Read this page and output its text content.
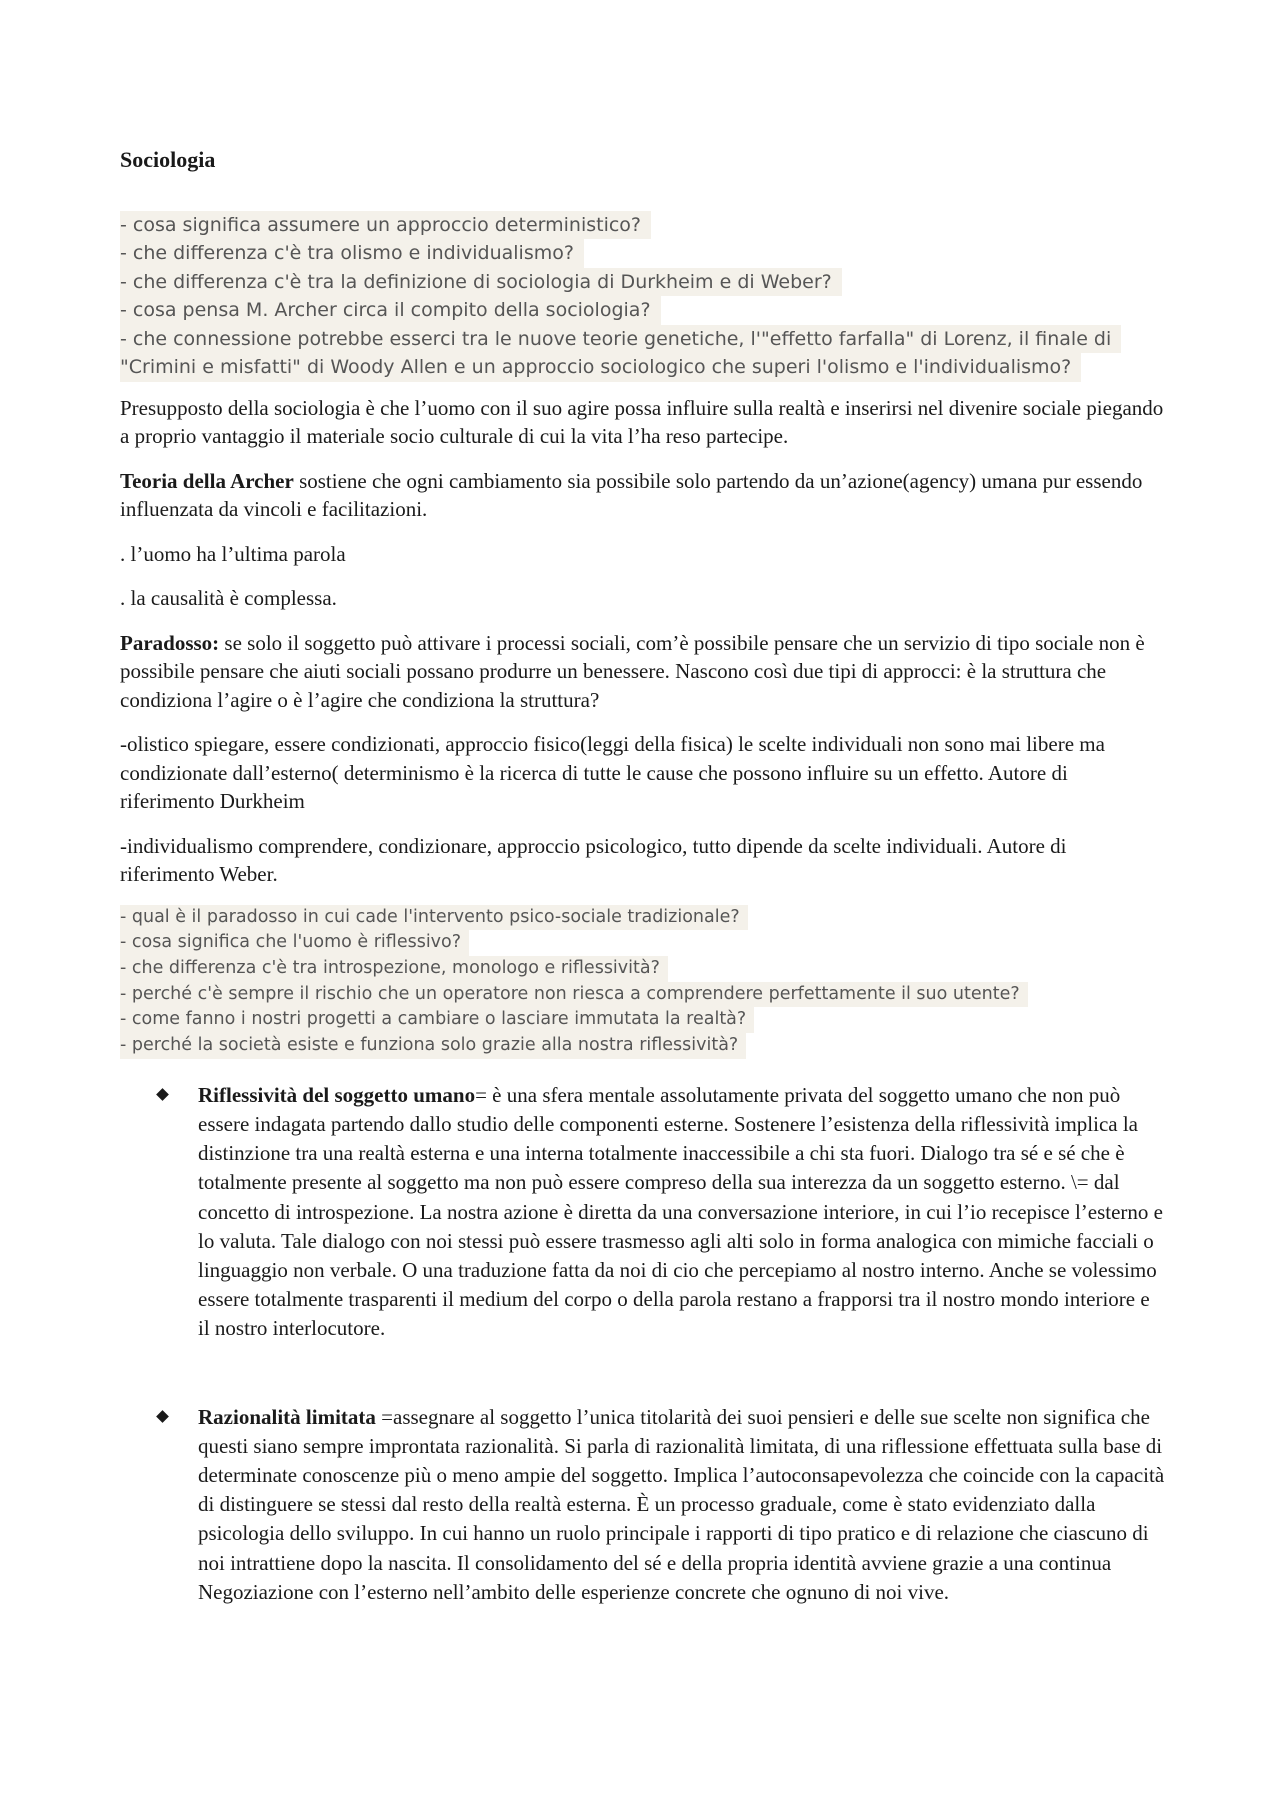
Sociologia
- cosa significa assumere un approccio deterministico?
- che differenza c'è tra olismo e individualismo?
- che differenza c'è tra la definizione di sociologia di Durkheim e di Weber?
- cosa pensa M. Archer circa il compito della sociologia?
- che connessione potrebbe esserci tra le nuove teorie genetiche, l'"effetto farfalla" di Lorenz, il finale di
"Crimini e misfatti" di Woody Allen e un approccio sociologico che superi l'olismo e l'individualismo?

Presupposto della sociologia è che l’uomo con il suo agire possa influire sulla realtà e inserirsi nel divenire sociale piegando a proprio vantaggio il materiale socio culturale di cui la vita l’ha reso partecipe.

Teoria della Archer sostiene che ogni cambiamento sia possibile solo partendo da un’azione(agency) umana pur essendo influenzata da vincoli e facilitazioni.

. l’uomo ha l’ultima parola

. la causalità è complessa.

Paradosso: se solo il soggetto può attivare i processi sociali, com’è possibile pensare che un servizio di tipo sociale non è possibile pensare che aiuti sociali possano produrre un benessere. Nascono così due tipi di approcci: è la struttura che condiziona l’agire o è l’agire che condiziona la struttura?

-olistico spiegare, essere condizionati, approccio fisico(leggi della fisica) le scelte individuali non sono mai libere ma condizionate dall’esterno( determinismo è la ricerca di tutte le cause che possono influire su un effetto. Autore di riferimento Durkheim

-individualismo comprendere, condizionare, approccio psicologico, tutto dipende da scelte individuali. Autore di riferimento Weber.

- qual è il paradosso in cui cade l'intervento psico-sociale tradizionale?
- cosa significa che l'uomo è riflessivo?
- che differenza c'è tra introspezione, monologo e riflessività?
- perché c'è sempre il rischio che un operatore non riesca a comprendere perfettamente il suo utente?
- come fanno i nostri progetti a cambiare o lasciare immutata la realtà?
- perché la società esiste e funziona solo grazie alla nostra riflessività?
Riflessività del soggetto umano= è una sfera mentale assolutamente privata del soggetto umano che non può essere indagata partendo dallo studio delle componenti esterne. Sostenere l’esistenza della riflessività implica la distinzione tra una realtà esterna e una interna totalmente inaccessibile a chi sta fuori. Dialogo tra sé e sé che è totalmente presente al soggetto ma non può essere compreso della sua interezza da un soggetto esterno. \= dal concetto di introspezione. La nostra azione è diretta da una conversazione interiore, in cui l’io recepisce l’esterno e lo valuta. Tale dialogo con noi stessi può essere trasmesso agli alti solo in forma analogica con mimiche facciali o linguaggio non verbale. O una traduzione fatta da noi di cio che percepiamo al nostro interno. Anche se volessimo essere totalmente trasparenti il medium del corpo o della parola restano a frapporsi tra il nostro mondo interiore e il nostro interlocutore.
Razionalità limitata =assegnare al soggetto l’unica titolarità dei suoi pensieri e delle sue scelte non significa che questi siano sempre improntata razionalità. Si parla di razionalità limitata, di una riflessione effettuata sulla base di determinate conoscenze più o meno ampie del soggetto. Implica l’autoconsapevolezza che coincide con la capacità di distinguere se stessi dal resto della realtà esterna. È un processo graduale, come è stato evidenziato dalla psicologia dello sviluppo. In cui hanno un ruolo principale i rapporti di tipo pratico e di relazione che ciascuno di noi intrattiene dopo la nascita. Il consolidamento del sé e della propria identità avviene grazie a una continua Negoziazione con l’esterno nell’ambito delle esperienze concrete che ognuno di noi vive.
